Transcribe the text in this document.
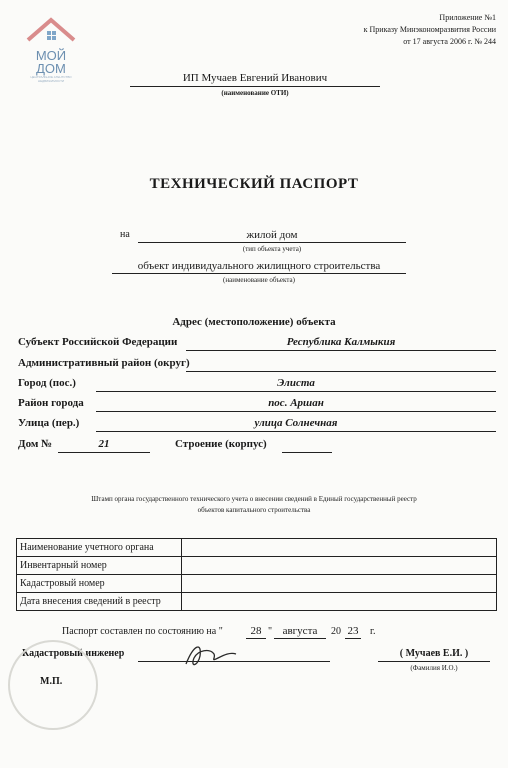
МОЙ
ДОМ
ЦЕНТРАЛЬНОЕ АГЕНТСТВО НЕДВИЖИМОСТИ
Приложение №1
к Приказу Минэкономразвития России
от 17 августа 2006 г. № 244
ИП Мучаев Евгений Иванович
(наименование ОТИ)
ТЕХНИЧЕСКИЙ ПАСПОРТ
на	жилой дом
(тип объекта учета)
объект индивидуального жилищного строительства
(наименование объекта)
Адрес (местоположение) объекта
Субъект Российской Федерации	Республика Калмыкия
Административный район (округ)
Город (пос.)	Элиста
Район города	пос. Аршан
Улица (пер.)	улица Солнечная
Дом №	21	Строение (корпус)
Штамп органа государственного технического учета о внесении сведений в Единый государственный реестр
объектов капитального строительства
Наименование учетного органа	
Инвентарный номер	
Кадастровый номер	
Дата внесения сведений в реестр	
Паспорт составлен по состоянию на "	28 " августа	20 23 г.
Кадастровый инженер	( Мучаев Е.И. )
(Фамилия И.О.)
М.П.
